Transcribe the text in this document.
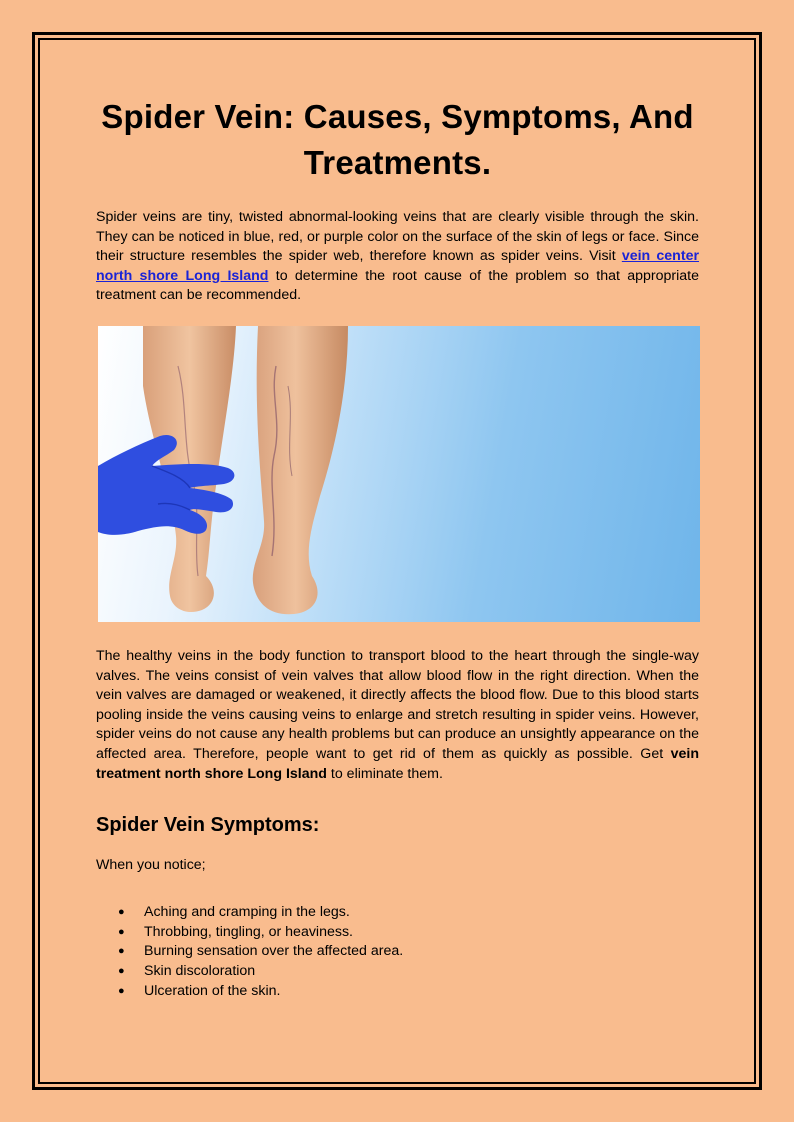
Spider Vein: Causes, Symptoms, And Treatments.

Spider veins are tiny, twisted abnormal-looking veins that are clearly visible through the skin. They can be noticed in blue, red, or purple color on the surface of the skin of legs or face. Since their structure resembles the spider web, therefore known as spider veins. Visit vein center north shore Long Island to determine the root cause of the problem so that appropriate treatment can be recommended.

The healthy veins in the body function to transport blood to the heart through the single-way valves. The veins consist of vein valves that allow blood flow in the right direction. When the vein valves are damaged or weakened, it directly affects the blood flow. Due to this blood starts pooling inside the veins causing veins to enlarge and stretch resulting in spider veins. However, spider veins do not cause any health problems but can produce an unsightly appearance on the affected area. Therefore, people want to get rid of them as quickly as possible. Get vein treatment north shore Long Island to eliminate them.

Spider Vein Symptoms:
When you notice;
● Aching and cramping in the legs.
● Throbbing, tingling, or heaviness.
● Burning sensation over the affected area.
● Skin discoloration
● Ulceration of the skin.
